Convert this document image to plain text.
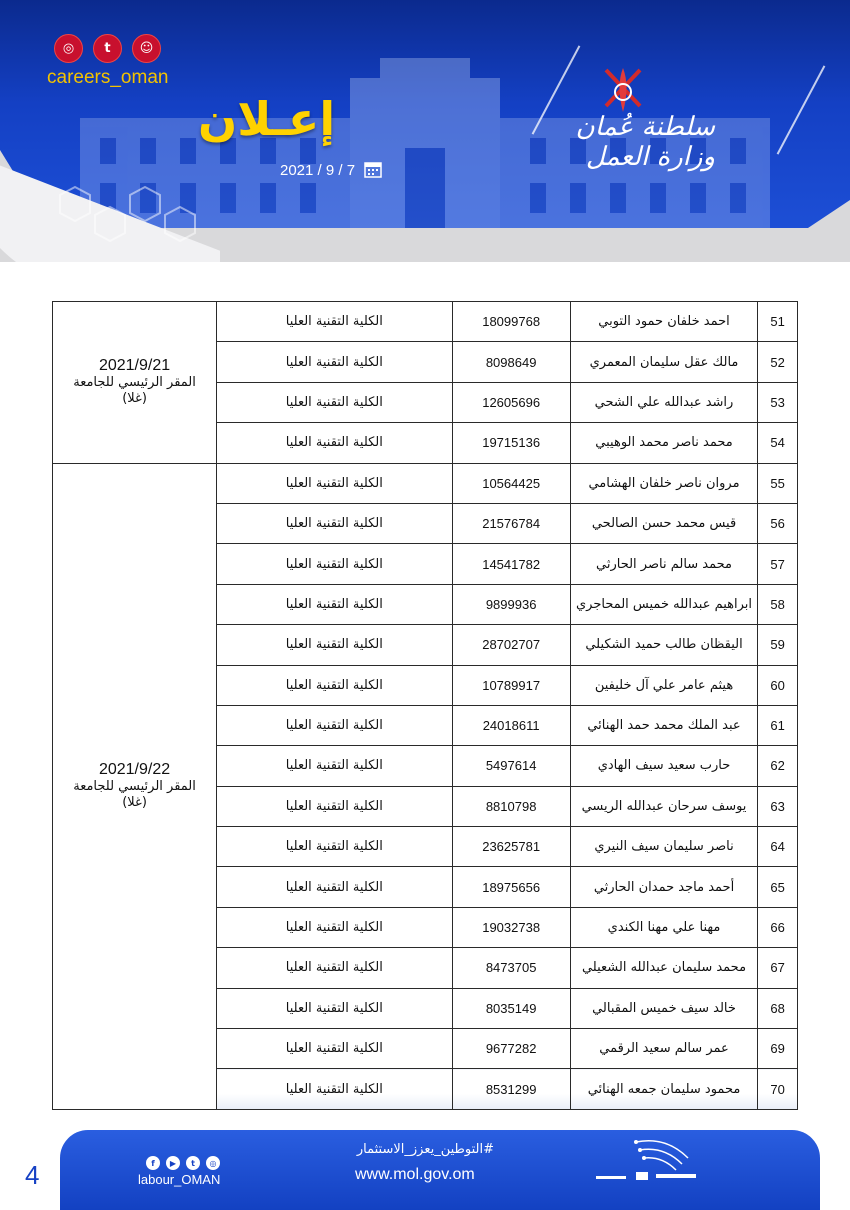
◎	t	☺
careers_oman
إعـلان
2021 / 9 / 7
سلطنة عُمان
وزارة العمل
51	احمد خلفان حمود التوبي	18099768	الكلية التقنية العليا	2021/9/21
المقر الرئيسي للجامعة
(غلا)

52	مالك عقل سليمان المعمري	8098649	الكلية التقنية العليا	
53	راشد عبدالله علي الشحي	12605696	الكلية التقنية العليا	
54	محمد ناصر محمد الوهيبي	19715136	الكلية التقنية العليا	
55	مروان ناصر خلفان الهشامي	10564425	الكلية التقنية العليا	2021/9/22
المقر الرئيسي للجامعة
(غلا)

56	قيس محمد حسن الصالحي	21576784	الكلية التقنية العليا	
57	محمد سالم ناصر الحارثي	14541782	الكلية التقنية العليا	
58	ابراهيم عبدالله خميس المحاجري	9899936	الكلية التقنية العليا	
59	اليقظان طالب حميد الشكيلي	28702707	الكلية التقنية العليا	
60	هيثم عامر علي آل خليفين	10789917	الكلية التقنية العليا	
61	عبد الملك محمد حمد الهنائي	24018611	الكلية التقنية العليا	
62	حارب سعيد سيف الهادي	5497614	الكلية التقنية العليا	
63	يوسف سرحان عبدالله الريسي	8810798	الكلية التقنية العليا	
64	ناصر سليمان سيف النيري	23625781	الكلية التقنية العليا	
65	أحمد ماجد حمدان الحارثي	18975656	الكلية التقنية العليا	
66	مهنا علي مهنا الكندي	19032738	الكلية التقنية العليا	
67	محمد سليمان عبدالله الشعيلي	8473705	الكلية التقنية العليا	
68	خالد سيف خميس المقبالي	8035149	الكلية التقنية العليا	
69	عمر سالم سعيد الرقمي	9677282	الكلية التقنية العليا	
70	محمود سليمان جمعه الهنائي	8531299	الكلية التقنية العليا	
4	f	▶	t	◎
labour_OMAN
#التوطين_يعزز_الاستثمار
www.mol.gov.om
